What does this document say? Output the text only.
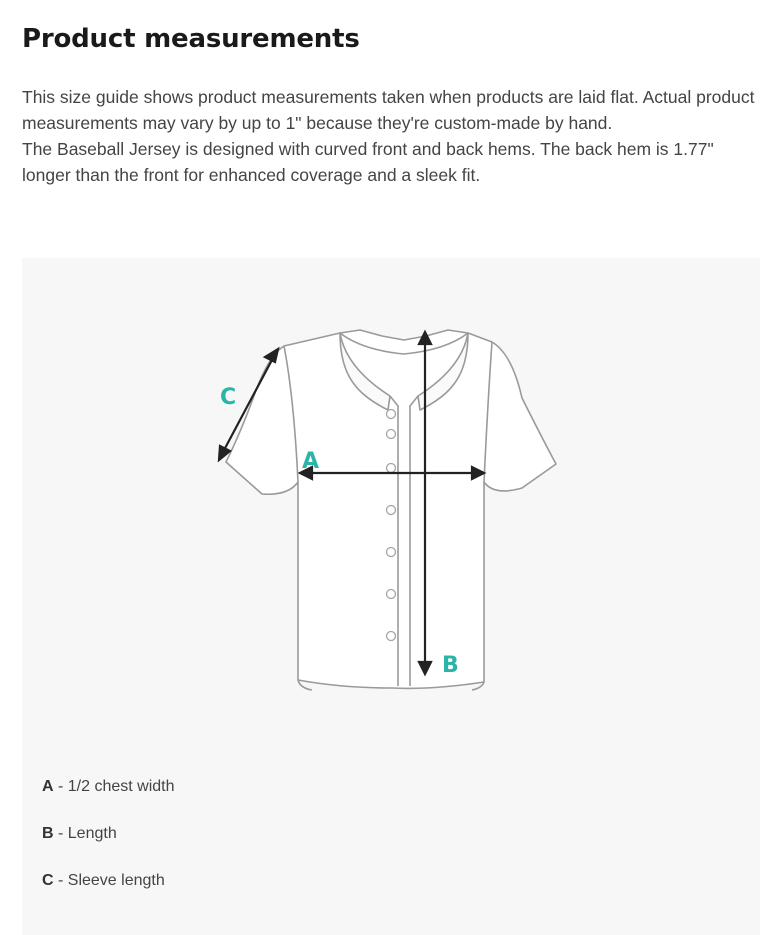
Product measurements

This size guide shows product measurements taken when products are laid flat. Actual product measurements may vary by up to 1" because they're custom-made by hand.

The Baseball Jersey is designed with curved front and back hems. The back hem is 1.77" longer than the front for enhanced coverage and a sleek fit.

A
B
C
A - 1/2 chest width
B - Length
C - Sleeve length
